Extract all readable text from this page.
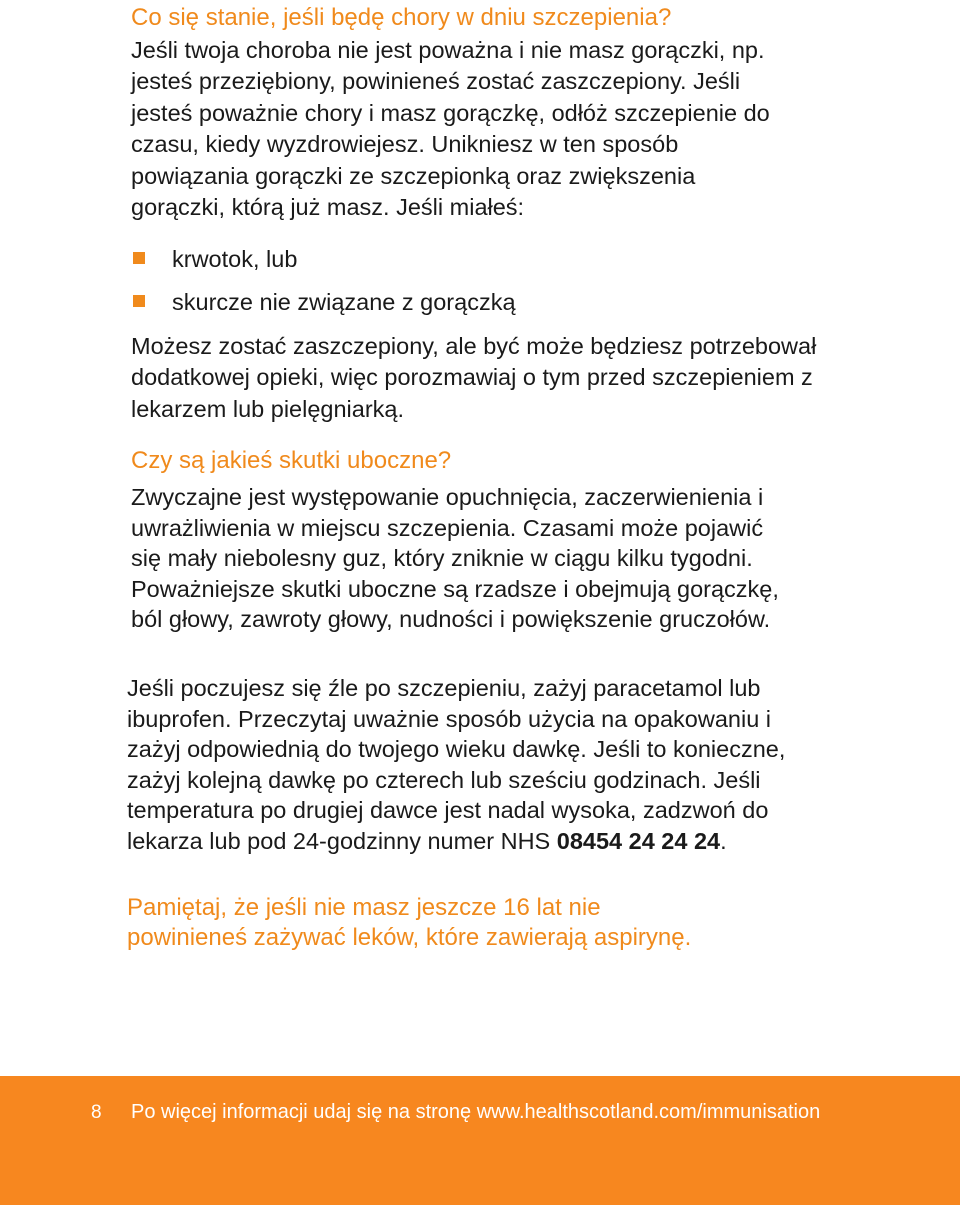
Co się stanie, jeśli będę chory w dniu szczepienia?

Jeśli twoja choroba nie jest poważna i nie masz gorączki, np.

jesteś przeziębiony, powinieneś zostać zaszczepiony. Jeśli

jesteś poważnie chory i masz gorączkę, odłóż szczepienie do

czasu, kiedy wyzdrowiejesz. Unikniesz w ten sposób

powiązania gorączki ze szczepionką oraz zwiększenia

gorączki, którą już masz. Jeśli miałeś:

krwotok, lub
skurcze nie związane z gorączką

Możesz zostać zaszczepiony, ale być może będziesz potrzebował

dodatkowej opieki, więc porozmawiaj o tym przed szczepieniem z

lekarzem lub pielęgniarką.

Czy są jakieś skutki uboczne?

Zwyczajne jest występowanie opuchnięcia, zaczerwienienia i

uwrażliwienia w miejscu szczepienia. Czasami może pojawić

się mały niebolesny guz, który zniknie w ciągu kilku tygodni.

Poważniejsze skutki uboczne są rzadsze i obejmują gorączkę,

ból głowy, zawroty głowy, nudności i powiększenie gruczołów.

Jeśli poczujesz się źle po szczepieniu, zażyj paracetamol lub

ibuprofen. Przeczytaj uważnie sposób użycia na opakowaniu i

zażyj odpowiednią do twojego wieku dawkę. Jeśli to konieczne,

zażyj kolejną dawkę po czterech lub sześciu godzinach. Jeśli

temperatura po drugiej dawce jest nadal wysoka, zadzwoń do

lekarza lub pod 24-godzinny numer NHS 08454 24 24 24.

Pamiętaj, że jeśli nie masz jeszcze 16 lat nie

powinieneś zażywać leków, które zawierają aspirynę.

8 Po więcej informacji udaj się na stronę www.healthscotland.com/immunisation
